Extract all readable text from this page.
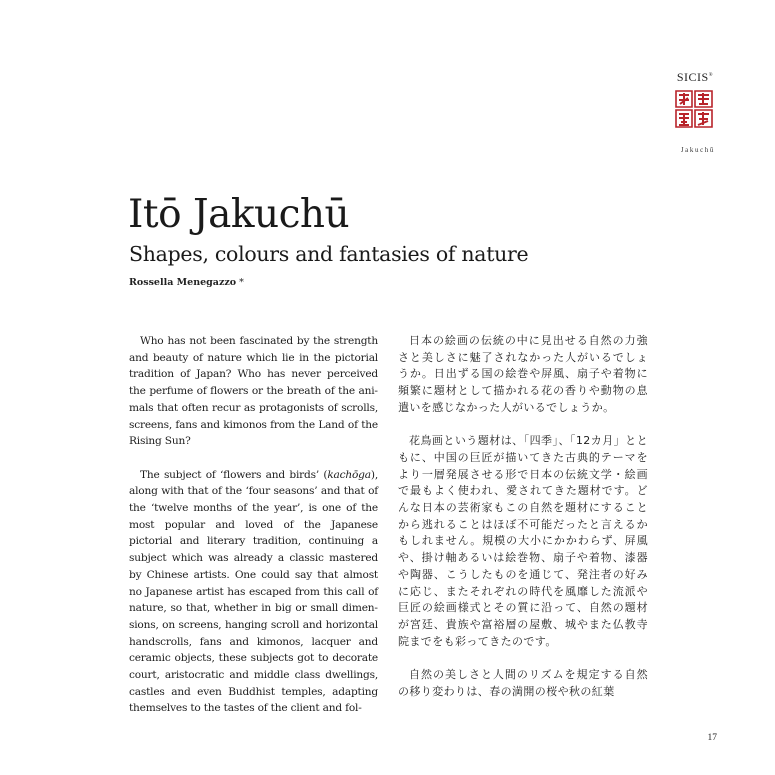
SICIS®
Jakuchū
Itō Jakuchū
Shapes, colours and fantasies of nature
Rossella Menegazzo *

Who has not been fascinated by the strength and beauty of nature which lie in the pictorial tradition of Japan? Who has never perceived the perfume of flowers or the breath of the animals that often recur as protagonists of scrolls, screens, fans and kimonos from the Land of the Rising Sun?

The subject of ‘flowers and birds’ (kachōga), along with that of the ‘four seasons’ and that of the ‘twelve months of the year’, is one of the most popular and loved of the Japanese pictorial and literary tradition, continuing a subject which was already a classic mastered by Chinese artists. One could say that almost no Japanese artist has escaped from this call of nature, so that, whether in big or small dimensions, on screens, hanging scroll and horizontal handscrolls, fans and kimonos, lacquer and ceramic objects, these subjects got to decorate court, aristocratic and middle class dwellings, castles and even Buddhist temples, adapting themselves to the tastes of the client and fol-

日本の絵画の伝統の中に見出せる自然の力強さと美しさに魅了されなかった人がいるでしょうか。日出ずる国の絵巻や屏風、扇子や着物に頻繁に題材として描かれる花の香りや動物の息遣いを感じなかった人がいるでしょうか。

花鳥画という題材は、「四季」、「12カ月」とともに、中国の巨匠が描いてきた古典的テーマをより一層発展させる形で日本の伝統文学・絵画で最もよく使われ、愛されてきた題材です。どんな日本の芸術家もこの自然を題材にすることから逃れることはほぼ不可能だったと言えるかもしれません。規模の大小にかかわらず、屏風や、掛け軸あるいは絵巻物、扇子や着物、漆器や陶器、こうしたものを通じて、発注者の好みに応じ、またそれぞれの時代を風靡した流派や巨匠の絵画様式とその質に沿って、自然の題材が宮廷、貴族や富裕層の屋敷、城やまた仏教寺院までをも彩ってきたのです。

自然の美しさと人間のリズムを規定する自然の移り変わりは、春の満開の桜や秋の紅葉

17
